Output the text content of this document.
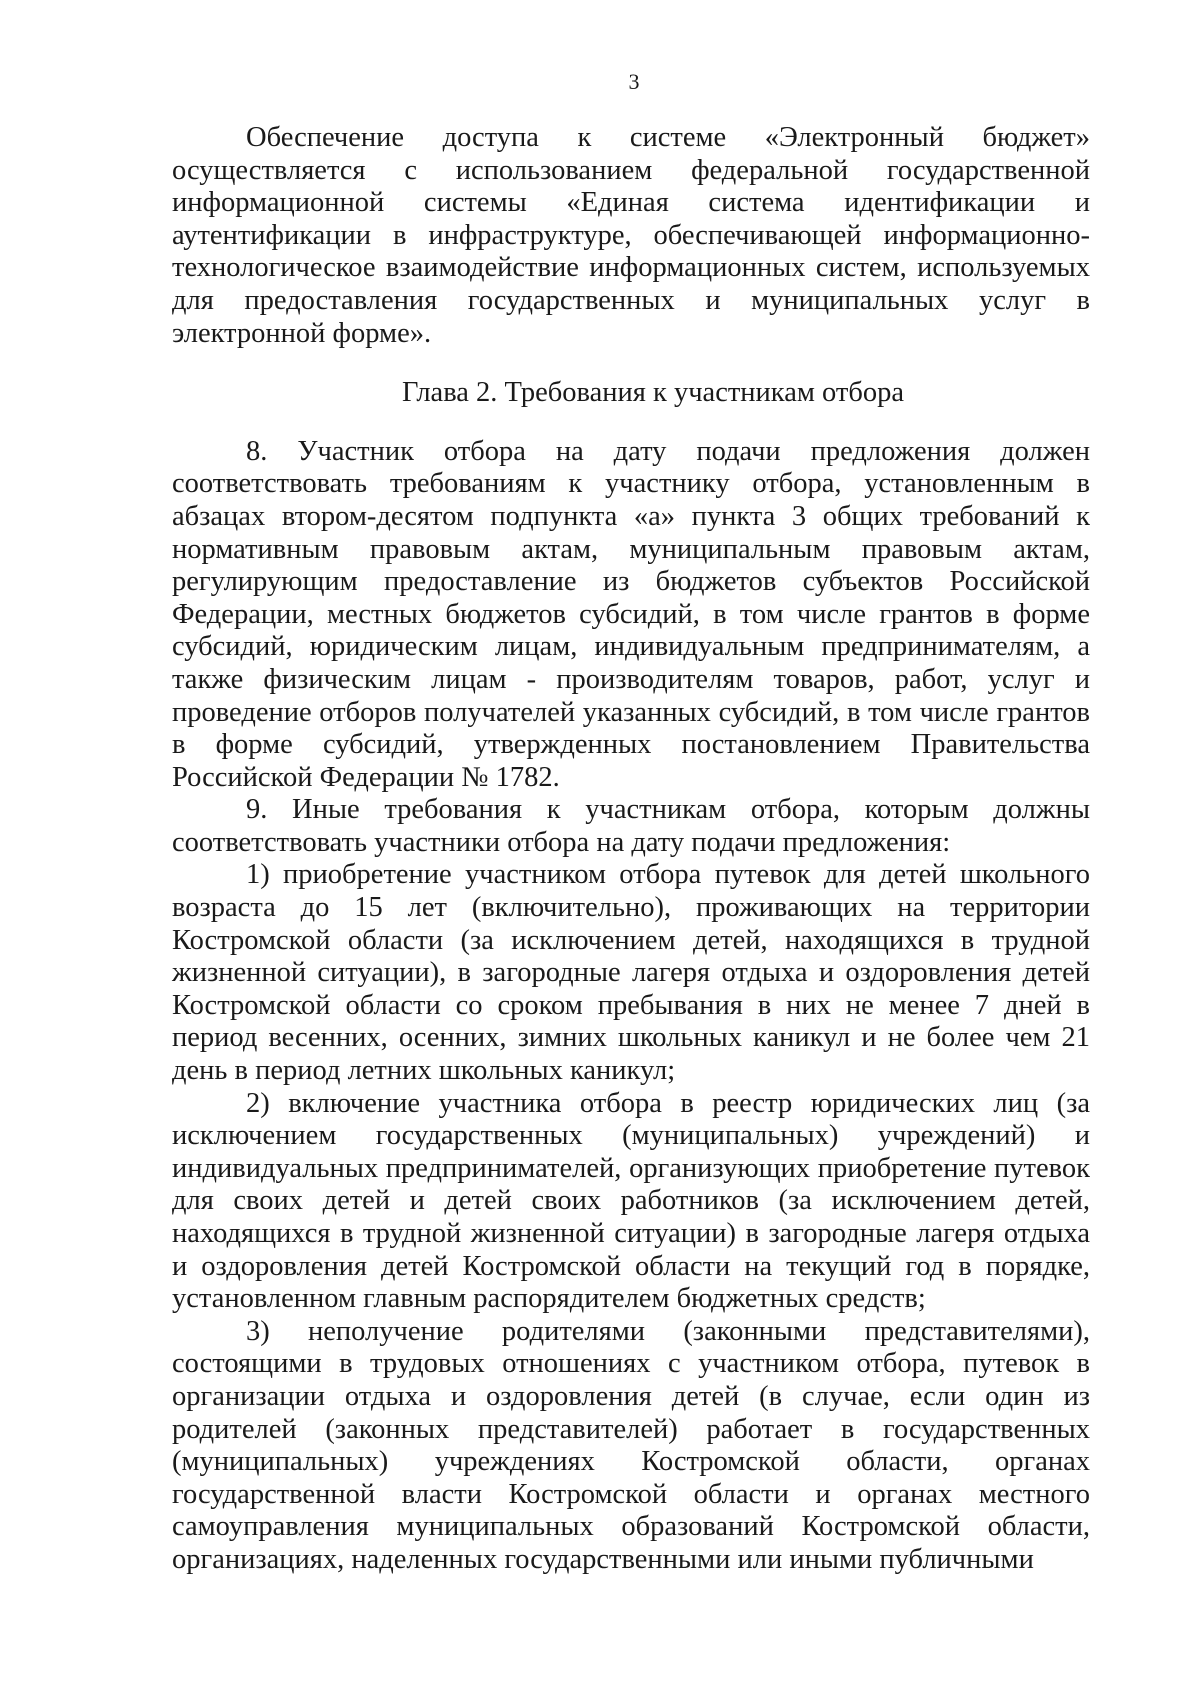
3

Обеспечение доступа к системе «Электронный бюджет» осуществляется с использованием федеральной государственной информационной системы «Единая система идентификации и аутентификации в инфраструктуре, обеспечивающей информационно-технологическое взаимодействие информационных систем, используемых для предоставления государственных и муниципальных услуг в электронной форме».

Глава 2. Требования к участникам отбора

8. Участник отбора на дату подачи предложения должен соответствовать требованиям к участнику отбора, установленным в абзацах втором-десятом подпункта «а» пункта 3 общих требований к нормативным правовым актам, муниципальным правовым актам, регулирующим предоставление из бюджетов субъектов Российской Федерации, местных бюджетов субсидий, в том числе грантов в форме субсидий, юридическим лицам, индивидуальным предпринимателям, а также физическим лицам - производителям товаров, работ, услуг и проведение отборов получателей указанных субсидий, в том числе грантов в форме субсидий, утвержденных постановлением Правительства Российской Федерации № 1782.

9. Иные требования к участникам отбора, которым должны соответствовать участники отбора на дату подачи предложения:

1) приобретение участником отбора путевок для детей школьного возраста до 15 лет (включительно), проживающих на территории Костромской области (за исключением детей, находящихся в трудной жизненной ситуации), в загородные лагеря отдыха и оздоровления детей Костромской области со сроком пребывания в них не менее 7 дней в период весенних, осенних, зимних школьных каникул и не более чем 21 день в период летних школьных каникул;

2) включение участника отбора в реестр юридических лиц (за исключением государственных (муниципальных) учреждений) и индивидуальных предпринимателей, организующих приобретение путевок для своих детей и детей своих работников (за исключением детей, находящихся в трудной жизненной ситуации) в загородные лагеря отдыха и оздоровления детей Костромской области на текущий год в порядке, установленном главным распорядителем бюджетных средств;

3) неполучение родителями (законными представителями), состоящими в трудовых отношениях с участником отбора, путевок в организации отдыха и оздоровления детей (в случае, если один из родителей (законных представителей) работает в государственных (муниципальных) учреждениях Костромской области, органах государственной власти Костромской области и органах местного самоуправления муниципальных образований Костромской области, организациях, наделенных государственными или иными публичными
